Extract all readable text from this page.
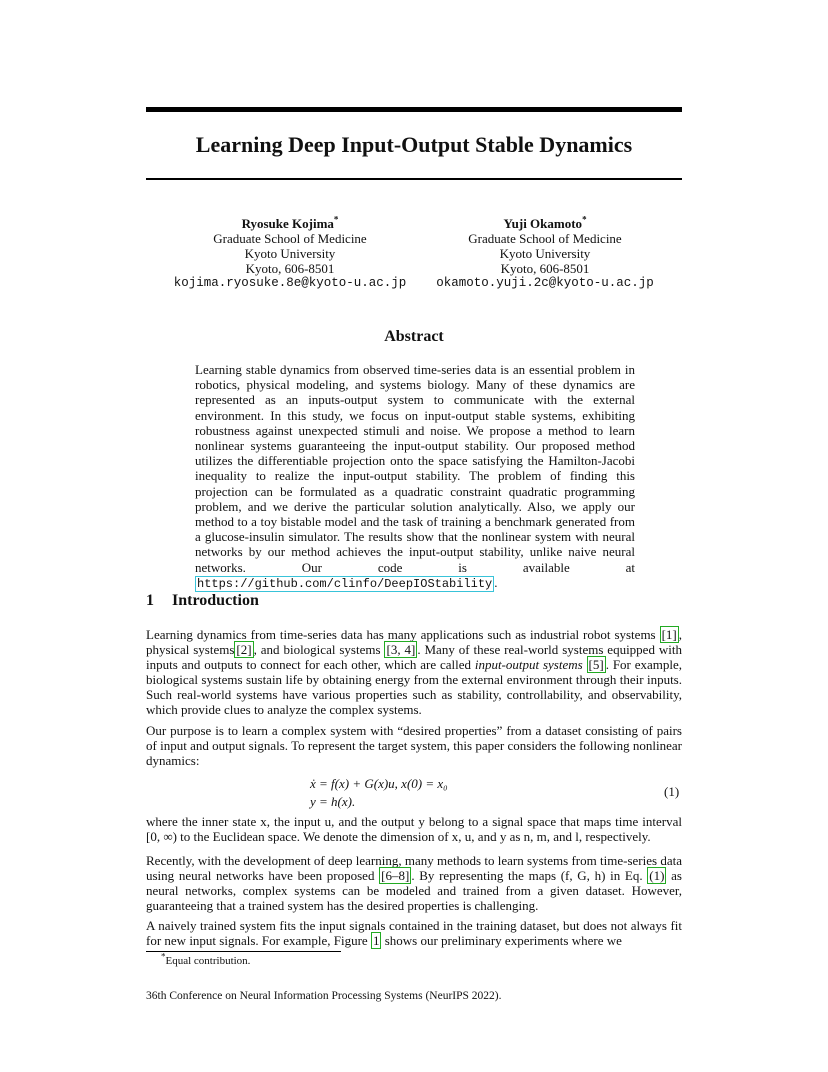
Learning Deep Input-Output Stable Dynamics
Ryosuke Kojima*
Graduate School of Medicine
Kyoto University
Kyoto, 606-8501
kojima.ryosuke.8e@kyoto-u.ac.jp
Yuji Okamoto*
Graduate School of Medicine
Kyoto University
Kyoto, 606-8501
okamoto.yuji.2c@kyoto-u.ac.jp
Abstract
Learning stable dynamics from observed time-series data is an essential problem in robotics, physical modeling, and systems biology. Many of these dynamics are represented as an inputs-output system to communicate with the external environment. In this study, we focus on input-output stable systems, exhibiting robustness against unexpected stimuli and noise. We propose a method to learn nonlinear systems guaranteeing the input-output stability. Our proposed method utilizes the differentiable projection onto the space satisfying the Hamilton-Jacobi inequality to realize the input-output stability. The problem of finding this projection can be formulated as a quadratic constraint quadratic programming problem, and we derive the particular solution analytically. Also, we apply our method to a toy bistable model and the task of training a benchmark generated from a glucose-insulin simulator. The results show that the nonlinear system with neural networks by our method achieves the input-output stability, unlike naive neural networks. Our code is available at https://github.com/clinfo/DeepIOStability .
1 Introduction
Learning dynamics from time-series data has many applications such as industrial robot systems [1] , physical systems [2] , and biological systems [3, 4] . Many of these real-world systems equipped with inputs and outputs to connect for each other, which are called input-output systems [5] . For example, biological systems sustain life by obtaining energy from the external environment through their inputs. Such real-world systems have various properties such as stability, controllability, and observability, which provide clues to analyze the complex systems.
Our purpose is to learn a complex system with “desired properties” from a dataset consisting of pairs of input and output signals. To represent the target system, this paper considers the following nonlinear dynamics:
ẋ = f(x) + G(x)u, x(0) = x₀
y = h(x).
(1)
where the inner state x, the input u, and the output y belong to a signal space that maps time interval [0, ∞) to the Euclidean space. We denote the dimension of x, u, and y as n, m, and l, respectively.
Recently, with the development of deep learning, many methods to learn systems from time-series data using neural networks have been proposed [6–8] . By representing the maps (f, G, h) in Eq. (1) as neural networks, complex systems can be modeled and trained from a given dataset. However, guaranteeing that a trained system has the desired properties is challenging.
A naively trained system fits the input signals contained in the training dataset, but does not always fit for new input signals. For example, Figure 1 shows our preliminary experiments where we
*Equal contribution.
36th Conference on Neural Information Processing Systems (NeurIPS 2022).
